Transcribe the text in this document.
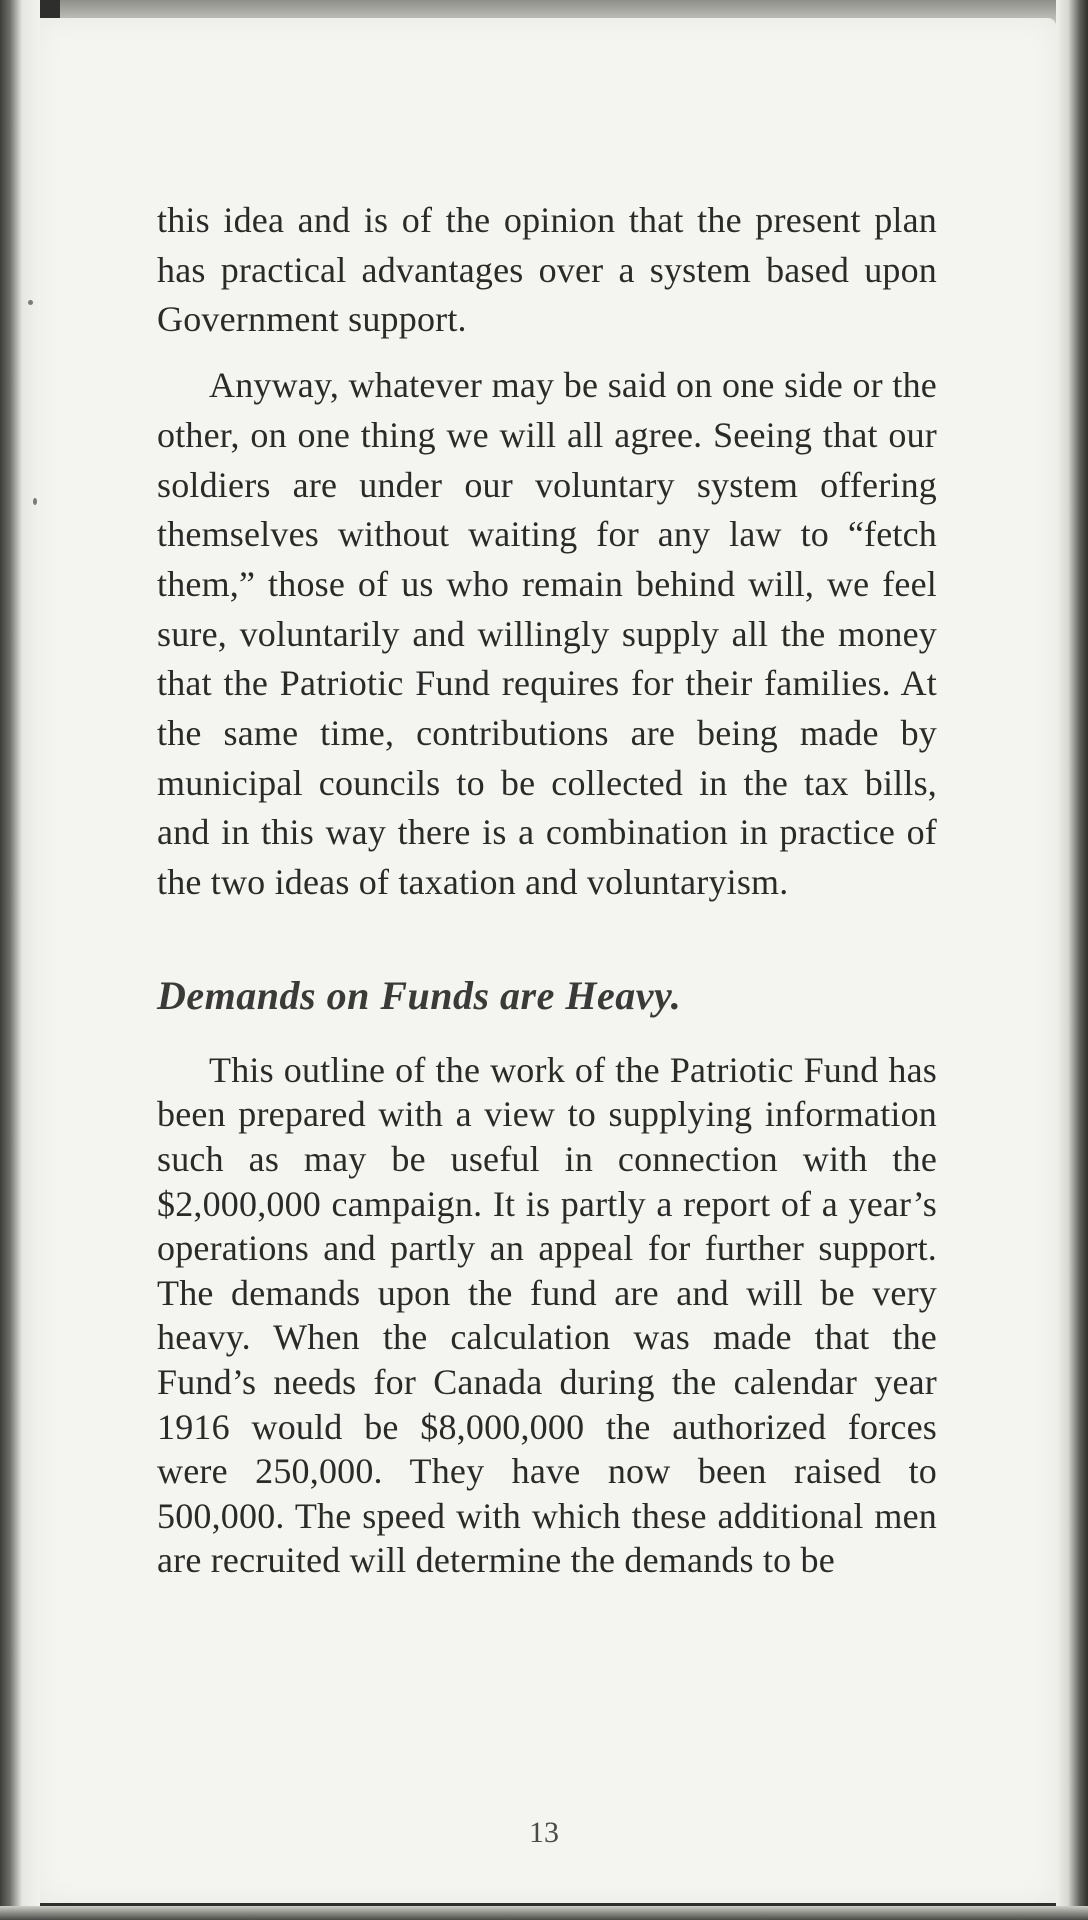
this idea and is of the opinion that the present plan has practical advantages over a system based upon Government support.

Anyway, whatever may be said on one side or the other, on one thing we will all agree. Seeing that our soldiers are under our voluntary system offering themselves without waiting for any law to “fetch them,” those of us who remain behind will, we feel sure, voluntarily and willingly supply all the money that the Patriotic Fund requires for their families. At the same time, contributions are being made by municipal councils to be collected in the tax bills, and in this way there is a combination in practice of the two ideas of taxation and voluntaryism.

Demands on Funds are Heavy.

This outline of the work of the Patriotic Fund has been prepared with a view to supplying information such as may be useful in connection with the $2,000,000 campaign. It is partly a report of a year’s operations and partly an appeal for further support. The demands upon the fund are and will be very heavy. When the calculation was made that the Fund’s needs for Canada during the calendar year 1916 would be $8,000,000 the authorized forces were 250,000. They have now been raised to 500,000. The speed with which these additional men are recruited will determine the demands to be

13
